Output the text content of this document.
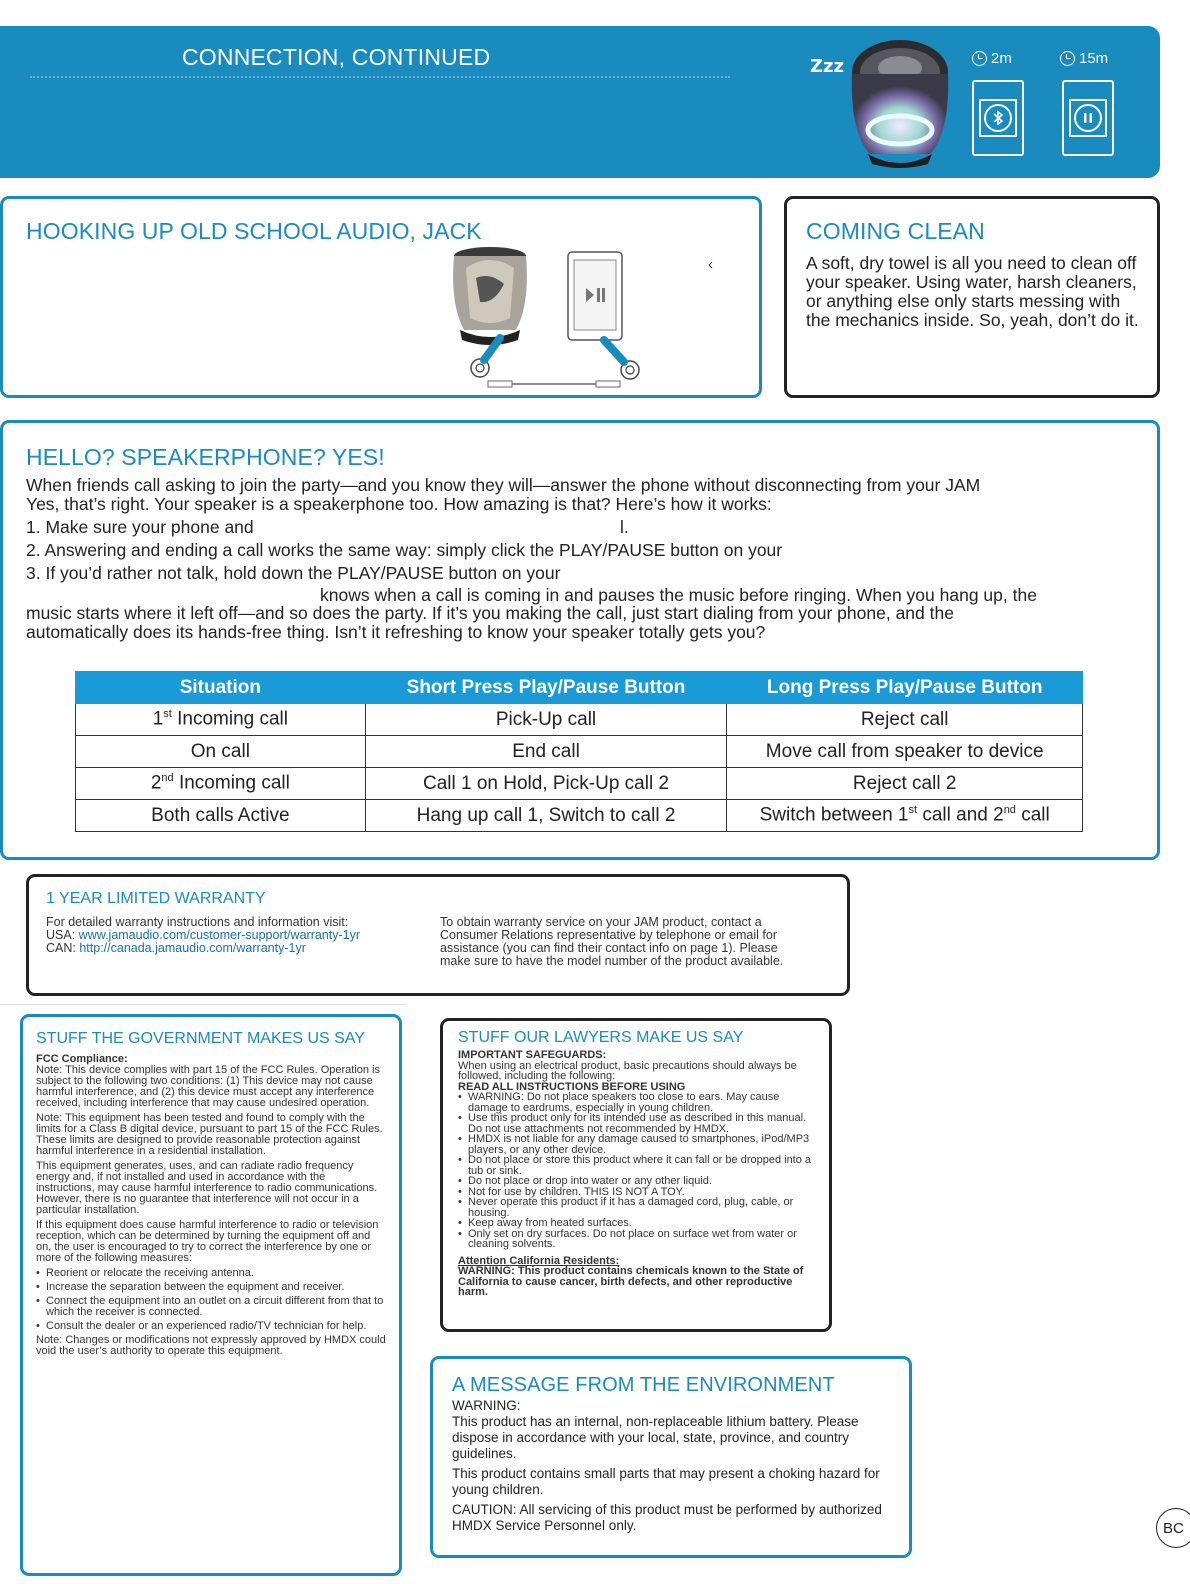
CONNECTION, CONTINUED	Zzz	2m	15m
HOOKING UP OLD SCHOOL AUDIO, JACK
‹
COMING CLEAN
A soft, dry towel is all you need to clean off your speaker. Using water, harsh cleaners, or anything else only starts messing with the mechanics inside. So, yeah, don’t do it.
HELLO? SPEAKERPHONE? YES!
When friends call asking to join the party—and you know they will—answer the phone without disconnecting from your JAM
Yes, that’s right. Your speaker is a speakerphone too. How amazing is that? Here’s how it works:
1. Make sure your phone and	l.
2. Answering and ending a call works the same way: simply click the PLAY/PAUSE button on your
3. If you’d rather not talk, hold down the PLAY/PAUSE button on your
knows when a call is coming in and pauses the music before ringing. When you hang up, the
music starts where it left off—and so does the party. If it’s you making the call, just start dialing from your phone, and the
automatically does its hands-free thing. Isn’t it refreshing to know your speaker totally gets you?
Situation	Short Press Play/Pause Button	Long Press Play/Pause Button
1st Incoming call	Pick-Up call	Reject call
On call	End call	Move call from speaker to device
2nd Incoming call	Call 1 on Hold, Pick-Up call 2	Reject call 2
Both calls Active	Hang up call 1, Switch to call 2	Switch between 1st call and 2nd call
1 YEAR LIMITED WARRANTY
For detailed warranty instructions and information visit:
USA: www.jamaudio.com/customer-support/warranty-1yr
CAN: http://canada.jamaudio.com/warranty-1yr
To obtain warranty service on your JAM product, contact a Consumer Relations representative by telephone or email for assistance (you can find their contact info on page 1). Please make sure to have the model number of the product available.
STUFF THE GOVERNMENT MAKES US SAY
FCC Compliance:
Note: This device complies with part 15 of the FCC Rules. Operation is subject to the following two conditions: (1) This device may not cause harmful interference, and (2) this device must accept any interference received, including interference that may cause undesired operation.
Note: This equipment has been tested and found to comply with the limits for a Class B digital device, pursuant to part 15 of the FCC Rules. These limits are designed to provide reasonable protection against harmful interference in a residential installation.
This equipment generates, uses, and can radiate radio frequency energy and, if not installed and used in accordance with the instructions, may cause harmful interference to radio communications. However, there is no guarantee that interference will not occur in a particular installation.
If this equipment does cause harmful interference to radio or television reception, which can be determined by turning the equipment off and on, the user is encouraged to try to correct the interference by one or more of the following measures:
• Reorient or relocate the receiving antenna.
• Increase the separation between the equipment and receiver.
• Connect the equipment into an outlet on a circuit different from that to which the receiver is connected.
• Consult the dealer or an experienced radio/TV technician for help.
Note: Changes or modifications not expressly approved by HMDX could void the user’s authority to operate this equipment.
STUFF OUR LAWYERS MAKE US SAY
IMPORTANT SAFEGUARDS:
When using an electrical product, basic precautions should always be followed, including the following:
READ ALL INSTRUCTIONS BEFORE USING
• WARNING: Do not place speakers too close to ears. May cause damage to eardrums, especially in young children.
• Use this product only for its intended use as described in this manual. Do not use attachments not recommended by HMDX.
• HMDX is not liable for any damage caused to smartphones, iPod/MP3 players, or any other device.
• Do not place or store this product where it can fall or be dropped into a tub or sink.
• Do not place or drop into water or any other liquid.
• Not for use by children. THIS IS NOT A TOY.
• Never operate this product if it has a damaged cord, plug, cable, or housing.
• Keep away from heated surfaces.
• Only set on dry surfaces. Do not place on surface wet from water or cleaning solvents.
Attention California Residents:
WARNING: This product contains chemicals known to the State of California to cause cancer, birth defects, and other reproductive harm.
A MESSAGE FROM THE ENVIRONMENT
WARNING:
This product has an internal, non-replaceable lithium battery. Please dispose in accordance with your local, state, province, and country guidelines.
This product contains small parts that may present a choking hazard for young children.
CAUTION: All servicing of this product must be performed by authorized HMDX Service Personnel only.	BC
